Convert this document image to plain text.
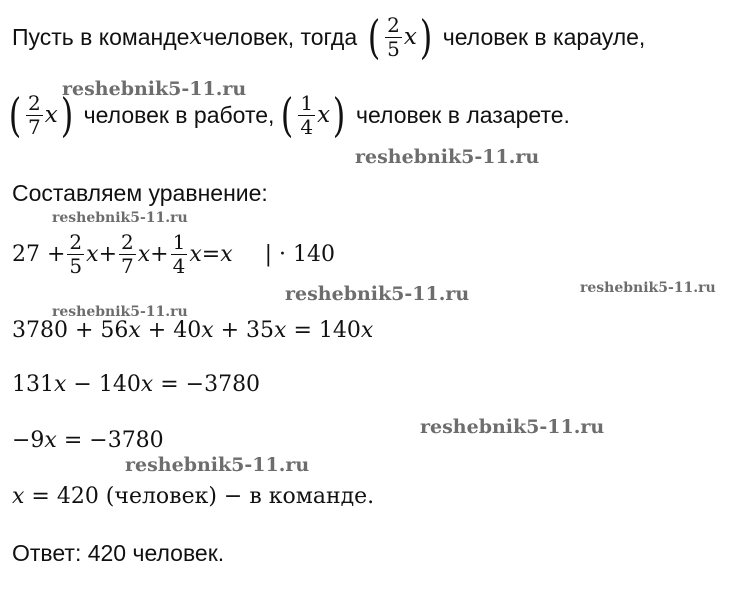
Пусть в команде x человек, тогда ( $\frac{2}{5}$ x ) человек в карауле,
( $\frac{2}{7}$ x ) человек в работе, ( $\frac{1}{4}$ x ) человек в лазарете.
Составляем уравнение:
$27 + \frac{2}{5}$ $x + \frac{2}{7}$ $x + \frac{1}{4}$ x = x | · 140
3780 + 56𝑥 + 40𝑥 + 35𝑥 = 140𝑥
131𝑥 − 140𝑥 = −3780
−9𝑥 = −3780
𝑥 = 420 (человек) − в команде.
Ответ: 420 человек.
reshebnik5-11.ru
reshebnik5-11.ru
reshebnik5-11.ru
reshebnik5-11.ru	reshebnik5-11.ru
reshebnik5-11.ru
reshebnik5-11.ru
reshebnik5-11.ru
